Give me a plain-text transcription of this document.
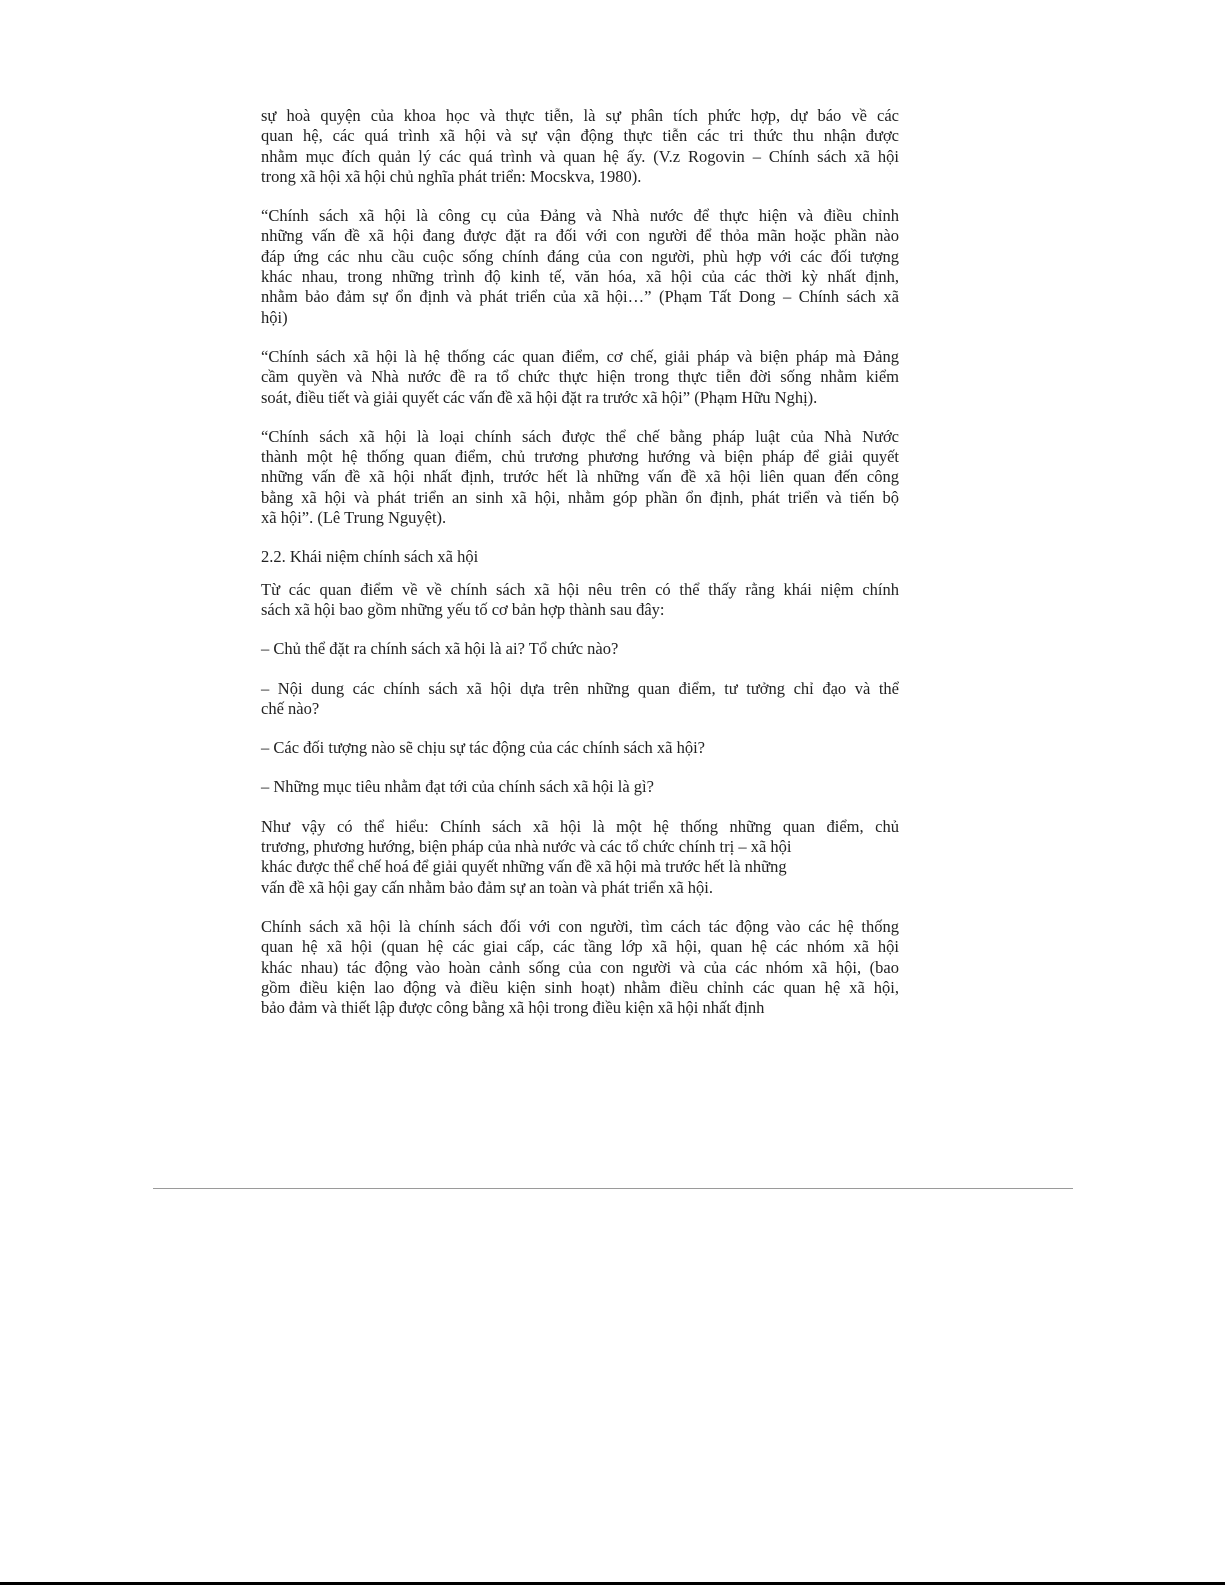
sự hoà quyện của khoa học và thực tiễn, là sự phân tích phức hợp, dự báo về các
quan hệ, các quá trình xã hội và sự vận động thực tiễn các tri thức thu nhận được
nhằm mục đích quản lý các quá trình và quan hệ ấy. (V.z Rogovin – Chính sách xã hội
trong xã hội xã hội chủ nghĩa phát triển: Mocskva, 1980).

“Chính sách xã hội là công cụ của Đảng và Nhà nước để thực hiện và điều chỉnh
những vấn đề xã hội đang được đặt ra đối với con người để thỏa mãn hoặc phần nào
đáp ứng các nhu cầu cuộc sống chính đáng của con người, phù hợp với các đối tượng
khác nhau, trong những trình độ kinh tế, văn hóa, xã hội của các thời kỳ nhất định,
nhằm bảo đảm sự ổn định và phát triển của xã hội…” (Phạm Tất Dong – Chính sách xã
hội)

“Chính sách xã hội là hệ thống các quan điểm, cơ chế, giải pháp và biện pháp mà Đảng
cầm quyền và Nhà nước đề ra tổ chức thực hiện trong thực tiễn đời sống nhằm kiểm
soát, điều tiết và giải quyết các vấn đề xã hội đặt ra trước xã hội” (Phạm Hữu Nghị).

“Chính sách xã hội là loại chính sách được thể chế bằng pháp luật của Nhà Nước
thành một hệ thống quan điểm, chủ trương phương hướng và biện pháp để giải quyết
những vấn đề xã hội nhất định, trước hết là những vấn đề xã hội liên quan đến công
bằng xã hội và phát triển an sinh xã hội, nhằm góp phần ổn định, phát triển và tiến bộ
xã hội”. (Lê Trung Nguyệt).

2.2. Khái niệm chính sách xã hội

Từ các quan điểm về về chính sách xã hội nêu trên có thể thấy rằng khái niệm chính
sách xã hội bao gồm những yếu tố cơ bản hợp thành sau đây:

– Chủ thể đặt ra chính sách xã hội là ai? Tổ chức nào?

– Nội dung các chính sách xã hội dựa trên những quan điểm, tư tưởng chỉ đạo và thể
chế nào?

– Các đối tượng nào sẽ chịu sự tác động của các chính sách xã hội?

– Những mục tiêu nhằm đạt tới của chính sách xã hội là gì?

Như vậy có thể hiểu: Chính sách xã hội là một hệ thống những quan điểm, chủ
trương, phương hướng, biện pháp của nhà nước và các tổ chức chính trị – xã hội
khác được thể chế hoá để giải quyết những vấn đề xã hội mà trước hết là những
vấn đề xã hội gay cấn nhằm bảo đảm sự an toàn và phát triển xã hội.

Chính sách xã hội là chính sách đối với con người, tìm cách tác động vào các hệ thống
quan hệ xã hội (quan hệ các giai cấp, các tầng lớp xã hội, quan hệ các nhóm xã hội
khác nhau) tác động vào hoàn cảnh sống của con người và của các nhóm xã hội, (bao
gồm điều kiện lao động và điều kiện sinh hoạt) nhằm điều chỉnh các quan hệ xã hội,
bảo đảm và thiết lập được công bằng xã hội trong điều kiện xã hội nhất định
